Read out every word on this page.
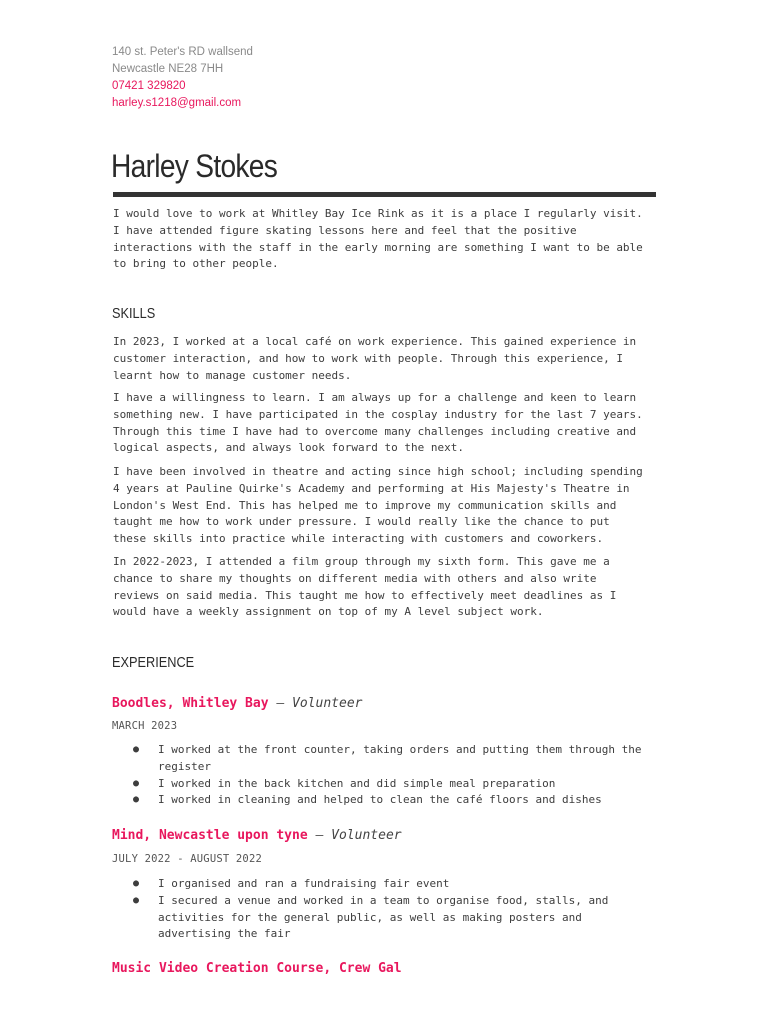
140 st. Peter's RD wallsend
Newcastle NE28 7HH
07421 329820
harley.s1218@gmail.com
Harley Stokes

I would love to work at Whitley Bay Ice Rink as it is a place I regularly visit.
I have attended figure skating lessons here and feel that the positive
interactions with the staff in the early morning are something I want to be able
to bring to other people.

SKILLS

In 2023, I worked at a local café on work experience. This gained experience in
customer interaction, and how to work with people. Through this experience, I
learnt how to manage customer needs.

I have a willingness to learn. I am always up for a challenge and keen to learn
something new. I have participated in the cosplay industry for the last 7 years.
Through this time I have had to overcome many challenges including creative and
logical aspects, and always look forward to the next.

I have been involved in theatre and acting since high school; including spending
4 years at Pauline Quirke's Academy and performing at His Majesty's Theatre in
London's West End. This has helped me to improve my communication skills and
taught me how to work under pressure. I would really like the chance to put
these skills into practice while interacting with customers and coworkers.

In 2022-2023, I attended a film group through my sixth form. This gave me a
chance to share my thoughts on different media with others and also write
reviews on said media. This taught me how to effectively meet deadlines as I
would have a weekly assignment on top of my A level subject work.

EXPERIENCE

Boodles, Whitley Bay — Volunteer

MARCH 2023

● I worked at the front counter, taking orders and putting them through the
register
● I worked in the back kitchen and did simple meal preparation
● I worked in cleaning and helped to clean the café floors and dishes

Mind, Newcastle upon tyne — Volunteer

JULY 2022 - AUGUST 2022

● I organised and ran a fundraising fair event
● I secured a venue and worked in a team to organise food, stalls, and
activities for the general public, as well as making posters and
advertising the fair

Music Video Creation Course, Crew Gal
